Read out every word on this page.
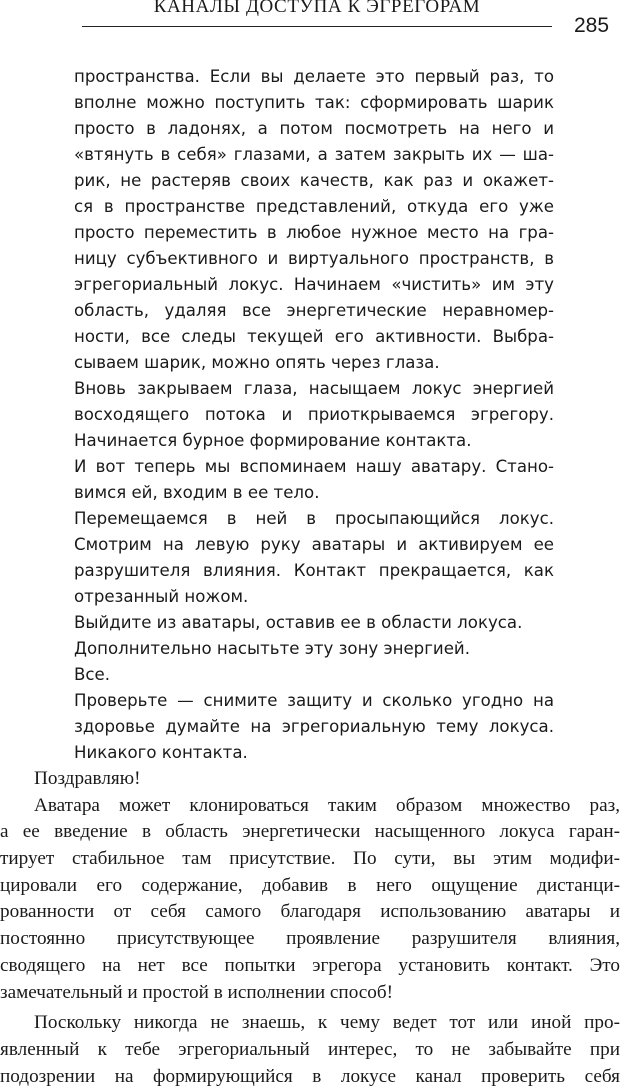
КАНАЛЫ ДОСТУПА К ЭГРЕГОРАМ
285
пространства. Если вы делаете это первый раз, то
вполне можно поступить так: сформировать шарик
просто в ладонях, а потом посмотреть на него и
«втянуть в себя» глазами, а затем закрыть их — ша-
рик, не растеряв своих качеств, как раз и окажет-
ся в пространстве представлений, откуда его уже
просто переместить в любое нужное место на гра-
ницу субъективного и виртуального пространств, в
эгрегориальный локус. Начинаем «чистить» им эту
область, удаляя все энергетические неравномер-
ности, все следы текущей его активности. Выбра-
сываем шарик, можно опять через глаза.
Вновь закрываем глаза, насыщаем локус энергией
восходящего потока и приоткрываемся эгрегору.
Начинается бурное формирование контакта.
И вот теперь мы вспоминаем нашу аватару. Стано-
вимся ей, входим в ее тело.
Перемещаемся в ней в просыпающийся локус.
Смотрим на левую руку аватары и активируем ее
разрушителя влияния. Контакт прекращается, как
отрезанный ножом.
Выйдите из аватары, оставив ее в области локуса.
Дополнительно насытьте эту зону энергией.
Все.
Проверьте — снимите защиту и сколько угодно на
здоровье думайте на эгрегориальную тему локуса.
Никакого контакта.
Поздравляю!
Аватара может клонироваться таким образом множество раз,
а ее введение в область энергетически насыщенного локуса гаран-
тирует стабильное там присутствие. По сути, вы этим модифи-
цировали его содержание, добавив в него ощущение дистанци-
рованности от себя самого благодаря использованию аватары и
постоянно присутствующее проявление разрушителя влияния,
сводящего на нет все попытки эгрегора установить контакт. Это
замечательный и простой в исполнении способ!
Поскольку никогда не знаешь, к чему ведет тот или иной про-
явленный к тебе эгрегориальный интерес, то не забывайте при
подозрении на формирующийся в локусе канал проверить себя
